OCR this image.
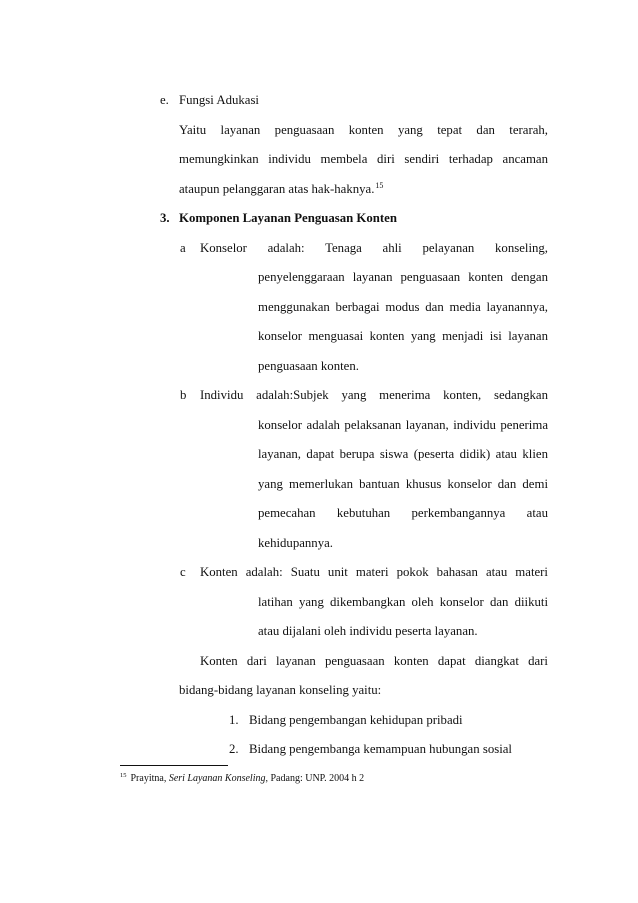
e. Fungsi Adukasi
Yaitu layanan penguasaan konten yang tepat dan terarah,
memungkinkan individu membela diri sendiri terhadap ancaman
ataupun pelanggaran atas hak-haknya.$^{15}$
3. Komponen Layanan Penguasan Konten
a Konselor adalah: Tenaga ahli pelayanan konseling,
penyelenggaraan layanan penguasaan konten dengan
menggunakan berbagai modus dan media layanannya,
konselor menguasai konten yang menjadi isi layanan
penguasaan konten.
b Individu adalah:Subjek yang menerima konten, sedangkan
konselor adalah pelaksanan layanan, individu penerima
layanan, dapat berupa siswa (peserta didik) atau klien
yang memerlukan bantuan khusus konselor dan demi
pemecahan kebutuhan perkembangannya atau
kehidupannya.
c Konten adalah: Suatu unit materi pokok bahasan atau materi
latihan yang dikembangkan oleh konselor dan diikuti
atau dijalani oleh individu peserta layanan.
Konten dari layanan penguasaan konten dapat diangkat dari
bidang-bidang layanan konseling yaitu:
1. Bidang pengembangan kehidupan pribadi
2. Bidang pengembanga kemampuan hubungan sosial
$^{15}$ Prayitna, Seri Layanan Konseling, Padang: UNP. 2004 h 2
